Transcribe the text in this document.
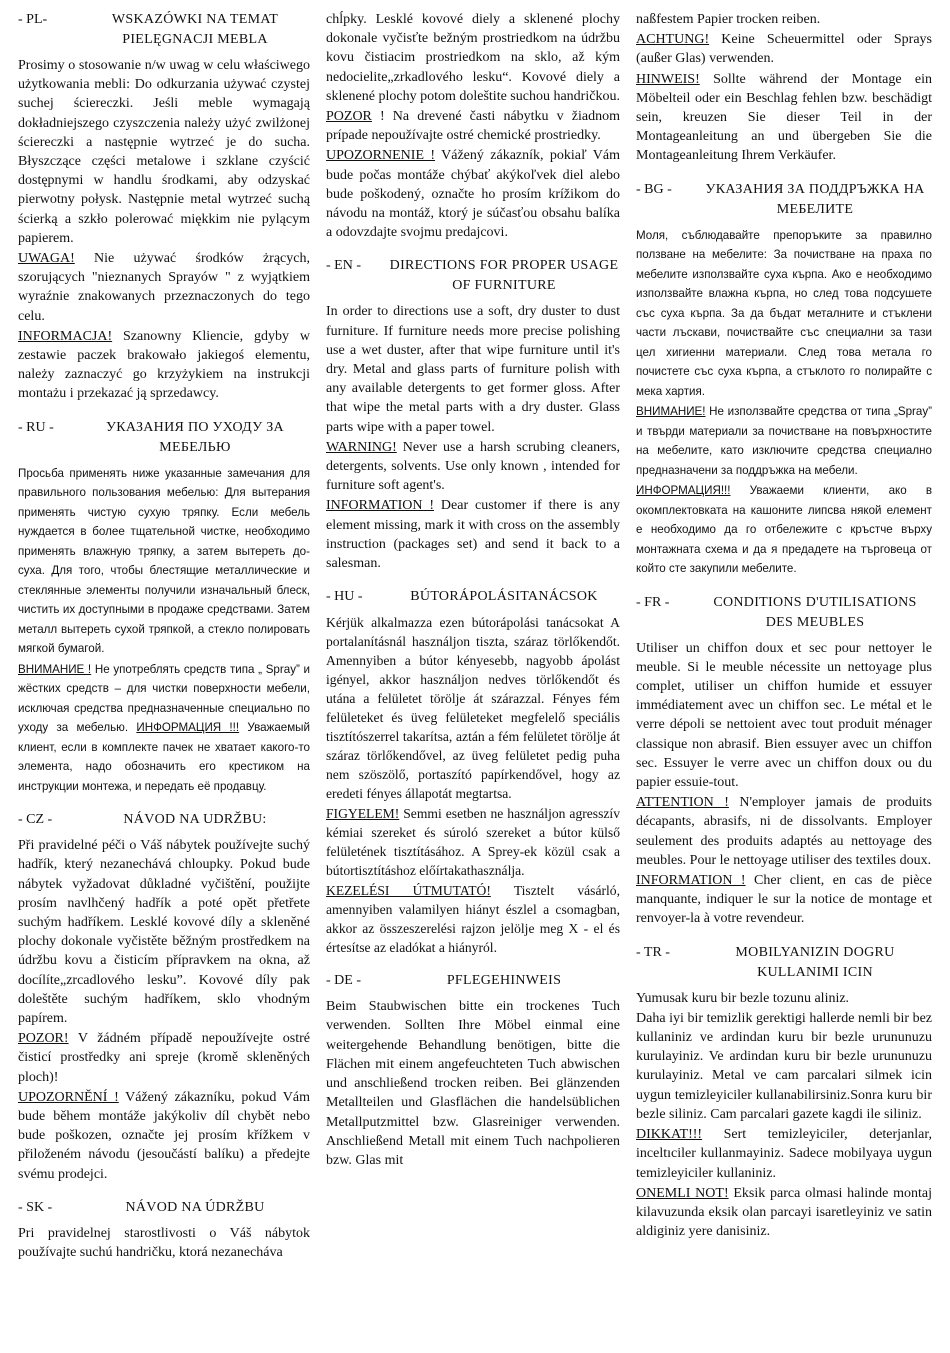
- PL-	WSKAZÓWKI NA TEMAT PIELĘGNACJI MEBLA

Prosimy o stosowanie n/w uwag w celu właściwego użytkowania mebli: Do odkurzania używać czystej suchej ściereczki. Jeśli meble wymagają dokładniejszego czyszczenia należy użyć zwilżonej ściereczki a następnie wytrzeć je do sucha. Błyszczące części metalowe i szklane czyścić dostępnymi w handlu środkami, aby odzyskać pierwotny połysk. Następnie metal wytrzeć suchą ścierką a szkło polerować miękkim nie pylącym papierem.

UWAGA! Nie używać środków żrących, szorujących "nieznanych Sprayów " z wyjątkiem wyraźnie znakowanych przeznaczonych do tego celu.

INFORMACJA! Szanowny Kliencie, gdyby w zestawie paczek brakowało jakiegoś elementu, należy zaznaczyć go krzyżykiem na instrukcji montażu i przekazać ją sprzedawcy.

- RU -	УКАЗАНИЯ ПО УХОДУ ЗА МЕБЕЛЬЮ

Просьба применять ниже указанные замечания для правильного пользования мебелью: Для вытерания применять чистую сухую тряпку. Если мебель нуждается в более тщательной чистке, необходимо применять влажную тряпку, а затем вытереть до-суха. Для того, чтобы блестящие металлические и стеклянные элементы получили изначальный блеск, чистить их доступными в продаже средствами. Затем металл вытереть сухой тряпкой, а стекло полировать мягкой бумагой.

ВНИМАНИЕ ! Не употреблять средств типа „ Spray” и жёстких средств – для чистки поверхности мебели, исключая средства предназначенные специально по уходу за мебелью. ИНФОРМАЦИЯ !!! Уважаемый клиент, если в комплекте пачек не хватает какого-то элемента, надо обозначить его крестиком на инструкции монтежа, и передать её продавцу.

- CZ -	NÁVOD NA UDRŽBU:

Při pravidelné péči o Váš nábytek používejte suchý hadřík, který nezanechává chloupky. Pokud bude nábytek vyžadovat důkladné vyčištění, použijte prosím navlhčený hadřík a poté opět přetřete suchým hadříkem. Lesklé kovové díly a skleněné plochy dokonale vyčistěte běžným prostředkem na údržbu kovu a čisticím přípravkem na okna, až docílíte„zrcadlového lesku”. Kovové díly pak doleštěte suchým hadříkem, sklo vhodným papírem.

POZOR! V žádném případě nepoužívejte ostré čisticí prostředky ani spreje (kromě skleněných ploch)!

UPOZORNĚNÍ ! Vážený zákazníku, pokud Vám bude během montáže jakýkoliv díl chybět nebo bude poškozen, označte jej prosím křížkem v přiloženém návodu (jesoučástí balíku) a předejte svému prodejci.

- SK -	NÁVOD NA ÚDRŽBU

Pri pravidelnej starostlivosti o Váš nábytok používajte suchú handričku, ktorá nezanecháva

chĺpky. Lesklé kovové diely a sklenené plochy dokonale vyčisťte bežným prostriedkom na údržbu kovu čistiacim prostriedkom na sklo, až kým nedocielite„zrkadlového lesku“. Kovové diely a sklenené plochy potom doleštite suchou handričkou.

POZOR ! Na drevené časti nábytku v žiadnom prípade nepoužívajte ostré chemické prostriedky.

UPOZORNENIE ! Vážený zákazník, pokiaľ Vám bude počas montáže chýbať akýkoľvek diel alebo bude poškodený, označte ho prosím krížikom do návodu na montáž, ktorý je súčasťou obsahu balíka a odovzdajte svojmu predajcovi.

- EN -	DIRECTIONS FOR PROPER USAGE OF FURNITURE

In order to directions use a soft, dry duster to dust furniture. If furniture needs more precise polishing use a wet duster, after that wipe furniture until it's dry. Metal and glass parts of furniture polish with any available detergents to get former gloss. After that wipe the metal parts with a dry duster. Glass parts wipe with a paper towel.

WARNING! Never use a harsh scrubing cleaners, detergents, solvents. Use only known , intended for furniture soft agent's.

INFORMATION ! Dear customer if there is any element missing, mark it with cross on the assembly instruction (packages set) and send it back to a salesman.

- HU -	BÚTORÁPOLÁSITANÁCSOK

Kérjük alkalmazza ezen bútorápolási tanácsokat A portalanításnál használjon tiszta, száraz törlőkendőt. Amennyiben a bútor kényesebb, nagyobb ápolást igényel, akkor használjon nedves törlőkendőt és utána a felületet törölje át szárazzal. Fényes fém felületeket és üveg felületeket megfelelő speciális tisztítószerrel takarítsa, aztán a fém felületet törölje át száraz törlőkendővel, az üveg felületet pedig puha nem szöszölő, portaszító papírkendővel, hogy az eredeti fényes állapotát megtartsa.

FIGYELEM! Semmi esetben ne használjon agresszív kémiai szereket és súroló szereket a bútor külső felületének tisztításához. A Sprey-ek közül csak a bútortisztításhoz előírtakathasználja.

KEZELÉSI ÚTMUTATÓ! Tisztelt vásárló, amennyiben valamilyen hiányt észlel a csomagban, akkor az összeszerelési rajzon jelölje meg X - el és értesítse az eladókat a hiányról.

- DE -	PFLEGEHINWEIS

Beim Staubwischen bitte ein trockenes Tuch verwenden. Sollten Ihre Möbel einmal eine weitergehende Behandlung benötigen, bitte die Flächen mit einem angefeuchteten Tuch abwischen und anschließend trocken reiben. Bei glänzenden Metallteilen und Glasflächen die handelsüblichen Metallputzmittel bzw. Glasreiniger verwenden. Anschließend Metall mit einem Tuch nachpolieren bzw. Glas mit

naßfestem Papier trocken reiben.

ACHTUNG! Keine Scheuermittel oder Sprays (außer Glas) verwenden.

HINWEIS! Sollte während der Montage ein Möbelteil oder ein Beschlag fehlen bzw. beschädigt sein, kreuzen Sie dieser Teil in der Montageanleitung an und übergeben Sie die Montageanleitung Ihrem Verkäufer.

- BG -	УКАЗАНИЯ ЗА ПОДДРЪЖКА НА МЕБЕЛИТЕ

Моля, съблюдавайте препоръките за правилно ползване на мебелите: За почистване на праха по мебелите използвайте суха кърпа. Ако е необходимо използвайте влажна кърпа, но след това подсушете със суха кърпа. За да бъдат металните и стъклени части лъскави, почиствайте със специални за тази цел хигиенни материали. След това метала го почистете със суха кърпа, а стъклото го полирайте с мека хартия.

ВНИМАНИЕ! Не използвайте средства от типа „Spray” и твърди материали за почистване на повърхностите на мебелите, като изключите средства специално предназначени за поддръжка на мебели.

ИНФОРМАЦИЯ!!! Уважаеми клиенти, ако в окомплектовката на кашоните липсва някой елемент е необходимо да го отбележите с кръстче върху монтажната схема и да я предадете на търговеца от който сте закупили мебелите.

- FR -	CONDITIONS D'UTILISATIONS DES MEUBLES

Utiliser un chiffon doux et sec pour nettoyer le meuble. Si le meuble nécessite un nettoyage plus complet, utiliser un chiffon humide et essuyer immédiatement avec un chiffon sec. Le métal et le verre dépoli se nettoient avec tout produit ménager classique non abrasif. Bien essuyer avec un chiffon sec. Essuyer le verre avec un chiffon doux ou du papier essuie-tout.

ATTENTION ! N'employer jamais de produits décapants, abrasifs, ni de dissolvants. Employer seulement des produits adaptés au nettoyage des meubles. Pour le nettoyage utiliser des textiles doux.

INFORMATION ! Cher client, en cas de pièce manquante, indiquer le sur la notice de montage et renvoyer-la à votre revendeur.

- TR -	MOBILYANIZIN DOGRU KULLANIMI ICIN

Yumusak kuru bir bezle tozunu aliniz.

Daha iyi bir temizlik gerektigi hallerde nemli bir bez kullaniniz ve ardindan kuru bir bezle urununuzu kurulayiniz. Ve ardindan kuru bir bezle urununuzu kurulayiniz. Metal ve cam parcalari silmek icin uygun temizleyiciler kullanabilirsiniz.Sonra kuru bir bezle siliniz. Cam parcalari gazete kagdi ile siliniz.

DIKKAT!!! Sert temizleyiciler, deterjanlar, inceltıciler kullanmayiniz. Sadece mobilyaya uygun temizleyiciler kullaniniz.

ONEMLI NOT! Eksik parca olmasi halinde montaj kilavuzunda eksik olan parcayi isaretleyiniz ve satin aldiginiz yere danisiniz.
